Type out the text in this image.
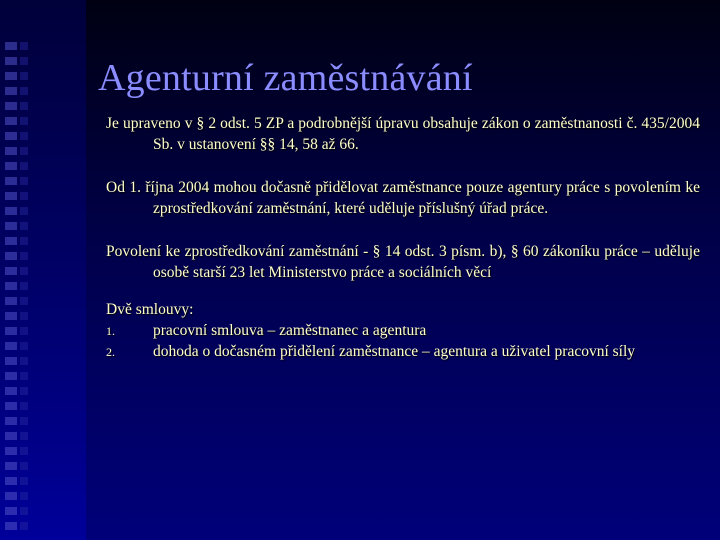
Agenturní zaměstnávání

Je upraveno v § 2 odst. 5 ZP a podrobnější úpravu obsahuje zákon o zaměstnanosti č. 435/2004 Sb. v ustanovení §§ 14, 58 až 66.

Od 1. října 2004 mohou dočasně přidělovat zaměstnance pouze agentury práce s povolením ke zprostředkování zaměstnání, které uděluje příslušný úřad práce.

Povolení ke zprostředkování zaměstnání - § 14 odst. 3 písm. b), § 60 zákoníku práce – uděluje osobě starší 23 let Ministerstvo práce a sociálních věcí

Dvě smlouvy:

1. pracovní smlouva – zaměstnanec a agentura
2. dohoda o dočasném přidělení zaměstnance – agentura a uživatel pracovní síly
